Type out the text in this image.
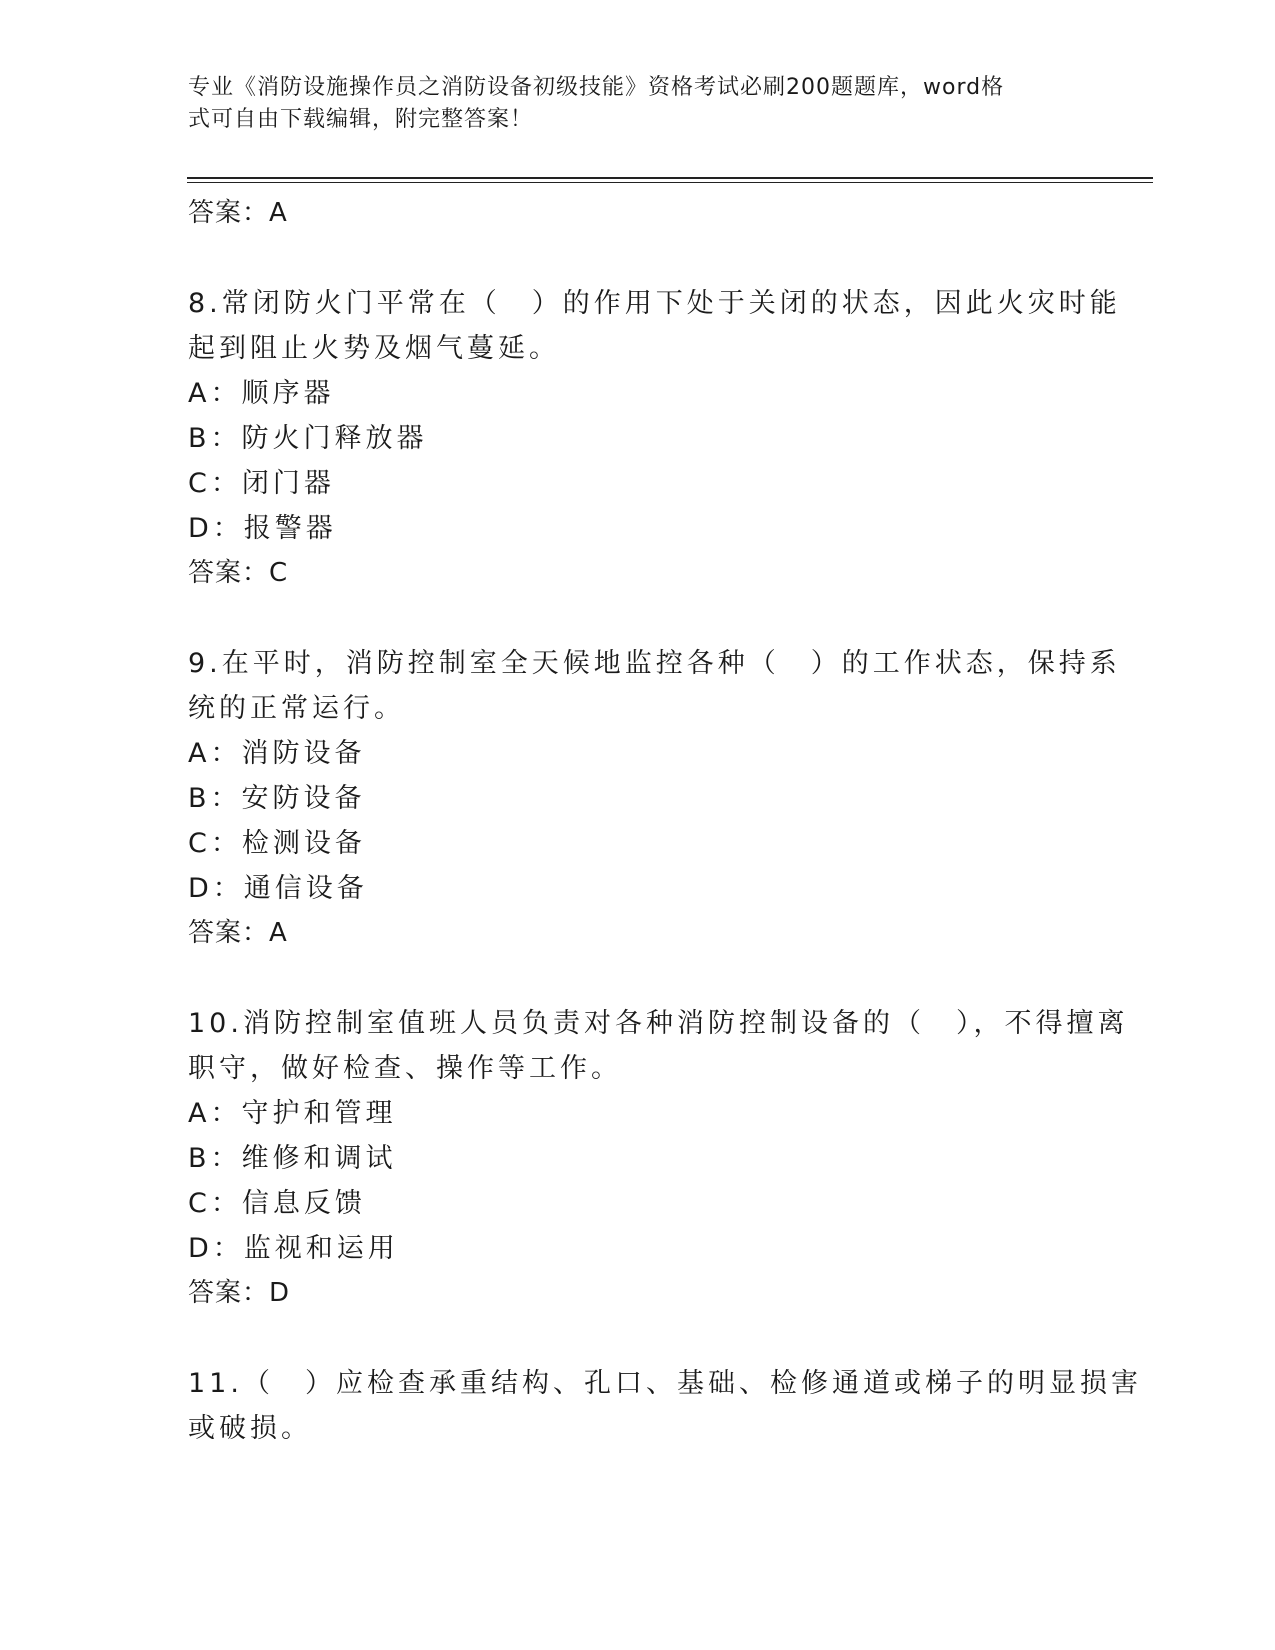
专业《消防设施操作员之消防设备初级技能》资格考试必刷200题题库，word格
式可自由下载编辑，附完整答案！
答案：A
8.常闭防火门平常在（　）的作用下处于关闭的状态，因此火灾时能
起到阻止火势及烟气蔓延。
A：顺序器
B：防火门释放器
C：闭门器
D：报警器
答案：C
9.在平时，消防控制室全天候地监控各种（　）的工作状态，保持系
统的正常运行。
A：消防设备
B：安防设备
C：检测设备
D：通信设备
答案：A
10.消防控制室值班人员负责对各种消防控制设备的（　），不得擅离
职守，做好检查、操作等工作。
A：守护和管理
B：维修和调试
C：信息反馈
D：监视和运用
答案：D
11.（　）应检查承重结构、孔口、基础、检修通道或梯子的明显损害
或破损。
